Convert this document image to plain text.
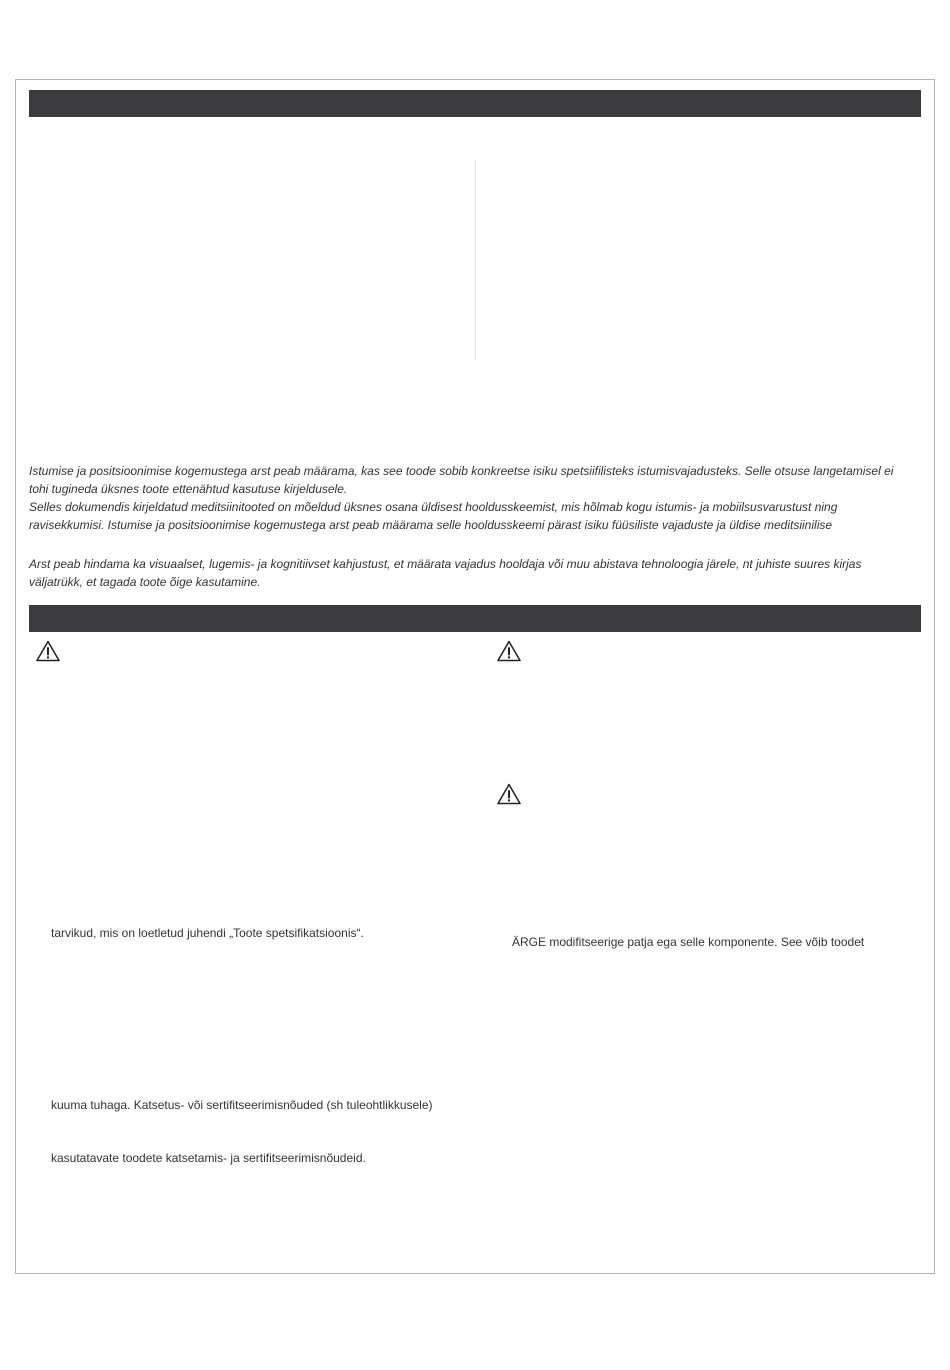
Istumise ja positsioonimise kogemustega arst peab määrama, kas see toode sobib konkreetse isiku spetsiifilisteks istumisvajadusteks. Selle otsuse langetamisel ei tohi tugineda üksnes toote ettenähtud kasutuse kirjeldusele.

Selles dokumendis kirjeldatud meditsiinitooted on mõeldud üksnes osana üldisest hooldusskeemist, mis hõlmab kogu istumis- ja mobiilsusvarustust ning ravisekkumisi. Istumise ja positsioonimise kogemustega arst peab määrama selle hooldusskeemi pärast isiku füüsiliste vajaduste ja üldise meditsiinilise

Arst peab hindama ka visuaalset, lugemis- ja kognitiivset kahjustust, et määrata vajadus hooldaja või muu abistava tehnoloogia järele, nt juhiste suures kirjas väljatrükk, et tagada toote õige kasutamine.

tarvikud, mis on loetletud juhendi „Toote spetsifikatsioonis“.
ÄRGE modifitseerige patja ega selle komponente. See võib toodet
kuuma tuhaga. Katsetus- või sertifitseerimisnõuded (sh tuleohtlikkusele)
kasutatavate toodete katsetamis- ja sertifitseerimisnõudeid.
